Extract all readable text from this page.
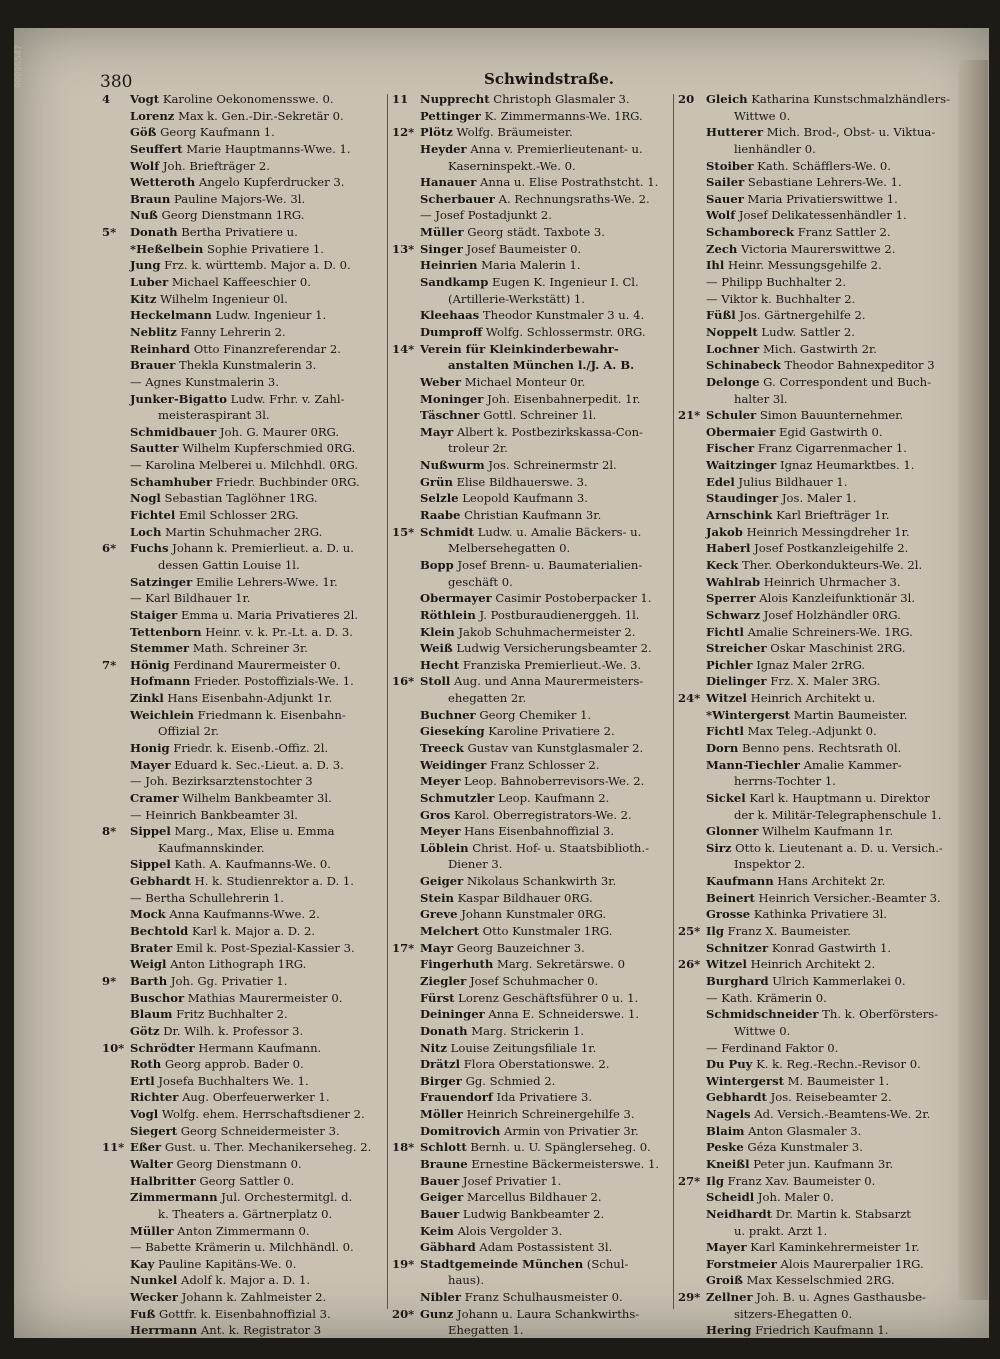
00096547	380	Schwindstraße.
4 Vogt Karoline Oekonomensswe. 0.
Lorenz Max k. Gen.-Dir.-Sekretär 0.
Göß Georg Kaufmann 1.
Seuffert Marie Hauptmanns-Wwe. 1.
Wolf Joh. Briefträger 2.
Wetteroth Angelo Kupferdrucker 3.
Braun Pauline Majors-We. 3l.
Nuß Georg Dienstmann 1RG.
5* Donath Bertha Privatiere u.
*Heßelbein Sophie Privatiere 1.
Jung Frz. k. württemb. Major a. D. 0.
Luber Michael Kaffeeschier 0.
Kitz Wilhelm Ingenieur 0l.
Heckelmann Ludw. Ingenieur 1.
Neblitz Fanny Lehrerin 2.
Reinhard Otto Finanzreferendar 2.
Brauer Thekla Kunstmalerin 3.
— Agnes Kunstmalerin 3.
Junker-Bigatto Ludw. Frhr. v. Zahl-
meisteraspirant 3l.
Schmidbauer Joh. G. Maurer 0RG.
Sautter Wilhelm Kupferschmied 0RG.
— Karolina Melberei u. Milchhdl. 0RG.
Schamhuber Friedr. Buchbinder 0RG.
Nogl Sebastian Taglöhner 1RG.
Fichtel Emil Schlosser 2RG.
Loch Martin Schuhmacher 2RG.
6* Fuchs Johann k. Premierlieut. a. D. u.
dessen Gattin Louise 1l.
Satzinger Emilie Lehrers-Wwe. 1r.
— Karl Bildhauer 1r.
Staiger Emma u. Maria Privatieres 2l.
Tettenborn Heinr. v. k. Pr.-Lt. a. D. 3.
Stemmer Math. Schreiner 3r.
7* Hönig Ferdinand Maurermeister 0.
Hofmann Frieder. Postoffizials-We. 1.
Zinkl Hans Eisenbahn-Adjunkt 1r.
Weichlein Friedmann k. Eisenbahn-
Offizial 2r.
Honig Friedr. k. Eisenb.-Offiz. 2l.
Mayer Eduard k. Sec.-Lieut. a. D. 3.
— Joh. Bezirksarztenstochter 3
Cramer Wilhelm Bankbeamter 3l.
— Heinrich Bankbeamter 3l.
8* Sippel Marg., Max, Elise u. Emma
Kaufmannskinder.
Sippel Kath. A. Kaufmanns-We. 0.
Gebhardt H. k. Studienrektor a. D. 1.
— Bertha Schullehrerin 1.
Mock Anna Kaufmanns-Wwe. 2.
Bechtold Karl k. Major a. D. 2.
Brater Emil k. Post-Spezial-Kassier 3.
Weigl Anton Lithograph 1RG.
9* Barth Joh. Gg. Privatier 1.
Buschor Mathias Maurermeister 0.
Blaum Fritz Buchhalter 2.
Götz Dr. Wilh. k. Professor 3.
10* Schrödter Hermann Kaufmann.
Roth Georg approb. Bader 0.
Ertl Josefa Buchhalters We. 1.
Richter Aug. Oberfeuerwerker 1.
Vogl Wolfg. ehem. Herrschaftsdiener 2.
Siegert Georg Schneidermeister 3.
11* Eßer Gust. u. Ther. Mechanikerseheg. 2.
Walter Georg Dienstmann 0.
Halbritter Georg Sattler 0.
Zimmermann Jul. Orchestermitgl. d.
k. Theaters a. Gärtnerplatz 0.
Müller Anton Zimmermann 0.
— Babette Krämerin u. Milchhändl. 0.
Kay Pauline Kapitäns-We. 0.
Nunkel Adolf k. Major a. D. 1.
Wecker Johann k. Zahlmeister 2.
Fuß Gottfr. k. Eisenbahnoffizial 3.
Herrmann Ant. k. Registrator 3
11 Nupprecht Christoph Glasmaler 3.
Pettinger K. Zimmermanns-We. 1RG.
12* Plötz Wolfg. Bräumeister.
Heyder Anna v. Premierlieutenant- u.
Kaserninspekt.-We. 0.
Hanauer Anna u. Elise Postrathstcht. 1.
Scherbauer A. Rechnungsraths-We. 2.
— Josef Postadjunkt 2.
Müller Georg städt. Taxbote 3.
13* Singer Josef Baumeister 0.
Heinrien Maria Malerin 1.
Sandkamp Eugen K. Ingenieur I. Cl.
(Artillerie-Werkstätt) 1.
Kleehaas Theodor Kunstmaler 3 u. 4.
Dumproff Wolfg. Schlossermstr. 0RG.
14* Verein für Kleinkinderbewahr-
anstalten München l./J. A. B.
Weber Michael Monteur 0r.
Moninger Joh. Eisenbahnerpedit. 1r.
Täschner Gottl. Schreiner 1l.
Mayr Albert k. Postbezirkskassa-Con-
troleur 2r.
Nußwurm Jos. Schreinermstr 2l.
Grün Elise Bildhauerswe. 3.
Selzle Leopold Kaufmann 3.
Raabe Christian Kaufmann 3r.
15* Schmidt Ludw. u. Amalie Bäckers- u.
Melbersehegatten 0.
Bopp Josef Brenn- u. Baumaterialien-
geschäft 0.
Obermayer Casimir Postoberpacker 1.
Röthlein J. Postburaudienerggeh. 1l.
Klein Jakob Schuhmachermeister 2.
Weiß Ludwig Versicherungsbeamter 2.
Hecht Franziska Premierlieut.-We. 3.
16* Stoll Aug. und Anna Maurermeisters-
ehegatten 2r.
Buchner Georg Chemiker 1.
Giesekíng Karoline Privatiere 2.
Treeck Gustav van Kunstglasmaler 2.
Weidinger Franz Schlosser 2.
Meyer Leop. Bahnoberrevisors-We. 2.
Schmutzler Leop. Kaufmann 2.
Gros Karol. Oberregistrators-We. 2.
Meyer Hans Eisenbahnoffizial 3.
Löblein Christ. Hof- u. Staatsbiblioth.-
Diener 3.
Geiger Nikolaus Schankwirth 3r.
Stein Kaspar Bildhauer 0RG.
Greve Johann Kunstmaler 0RG.
Melchert Otto Kunstmaler 1RG.
17* Mayr Georg Bauzeichner 3.
Fingerhuth Marg. Sekretärswe. 0
Ziegler Josef Schuhmacher 0.
Fürst Lorenz Geschäftsführer 0 u. 1.
Deininger Anna E. Schneiderswe. 1.
Donath Marg. Strickerin 1.
Nitz Louise Zeitungsfiliale 1r.
Drätzl Flora Oberstationswe. 2.
Birger Gg. Schmied 2.
Frauendorf Ida Privatiere 3.
Möller Heinrich Schreinergehilfe 3.
Domitrovich Armin von Privatier 3r.
18* Schlott Bernh. u. U. Spänglerseheg. 0.
Braune Ernestine Bäckermeisterswe. 1.
Bauer Josef Privatier 1.
Geiger Marcellus Bildhauer 2.
Bauer Ludwig Bankbeamter 2.
Keim Alois Vergolder 3.
Gäbhard Adam Postassistent 3l.
19* Stadtgemeinde München (Schul-
haus).
Nibler Franz Schulhausmeister 0.
20* Gunz Johann u. Laura Schankwirths-
Ehegatten 1.
20 Gleich Katharina Kunstschmalzhändlers-
Wittwe 0.
Hutterer Mich. Brod-, Obst- u. Viktua-
lienhändler 0.
Stoiber Kath. Schäfflers-We. 0.
Sailer Sebastiane Lehrers-We. 1.
Sauer Maria Privatierswittwe 1.
Wolf Josef Delikatessenhändler 1.
Schamboreck Franz Sattler 2.
Zech Victoria Maurerswittwe 2.
Ihl Heinr. Messungsgehilfe 2.
— Philipp Buchhalter 2.
— Viktor k. Buchhalter 2.
Füßl Jos. Gärtnergehilfe 2.
Noppelt Ludw. Sattler 2.
Lochner Mich. Gastwirth 2r.
Schinabeck Theodor Bahnexpeditor 3
Delonge G. Correspondent und Buch-
halter 3l.
21* Schuler Simon Bauunternehmer.
Obermaier Egid Gastwirth 0.
Fischer Franz Cigarrenmacher 1.
Waitzinger Ignaz Heumarktbes. 1.
Edel Julius Bildhauer 1.
Staudinger Jos. Maler 1.
Arnschink Karl Briefträger 1r.
Jakob Heinrich Messingdreher 1r.
Haberl Josef Postkanzleigehilfe 2.
Keck Ther. Oberkondukteurs-We. 2l.
Wahlrab Heinrich Uhrmacher 3.
Sperrer Alois Kanzleifunktionär 3l.
Schwarz Josef Holzhändler 0RG.
Fichtl Amalie Schreiners-We. 1RG.
Streicher Oskar Maschinist 2RG.
Pichler Ignaz Maler 2rRG.
Dielinger Frz. X. Maler 3RG.
24* Witzel Heinrich Architekt u.
*Wintergerst Martin Baumeister.
Fichtl Max Teleg.-Adjunkt 0.
Dorn Benno pens. Rechtsrath 0l.
Mann-Tiechler Amalie Kammer-
herrns-Tochter 1.
Sickel Karl k. Hauptmann u. Direktor
der k. Militär-Telegraphenschule 1.
Glonner Wilhelm Kaufmann 1r.
Sirz Otto k. Lieutenant a. D. u. Versich.-
Inspektor 2.
Kaufmann Hans Architekt 2r.
Beinert Heinrich Versicher.-Beamter 3.
Grosse Kathinka Privatiere 3l.
25* Ilg Franz X. Baumeister.
Schnitzer Konrad Gastwirth 1.
26* Witzel Heinrich Architekt 2.
Burghard Ulrich Kammerlakei 0.
— Kath. Krämerin 0.
Schmidschneider Th. k. Oberförsters-
Wittwe 0.
— Ferdinand Faktor 0.
Du Puy K. k. Reg.-Rechn.-Revisor 0.
Wintergerst M. Baumeister 1.
Gebhardt Jos. Reisebeamter 2.
Nagels Ad. Versich.-Beamtens-We. 2r.
Blaim Anton Glasmaler 3.
Peske Géza Kunstmaler 3.
Kneißl Peter jun. Kaufmann 3r.
27* Ilg Franz Xav. Baumeister 0.
Scheidl Joh. Maler 0.
Neidhardt Dr. Martin k. Stabsarzt
u. prakt. Arzt 1.
Mayer Karl Kaminkehrermeister 1r.
Forstmeier Alois Maurerpalier 1RG.
Groiß Max Kesselschmied 2RG.
29* Zellner Joh. B. u. Agnes Gasthausbe-
sitzers-Ehegatten 0.
Hering Friedrich Kaufmann 1.
